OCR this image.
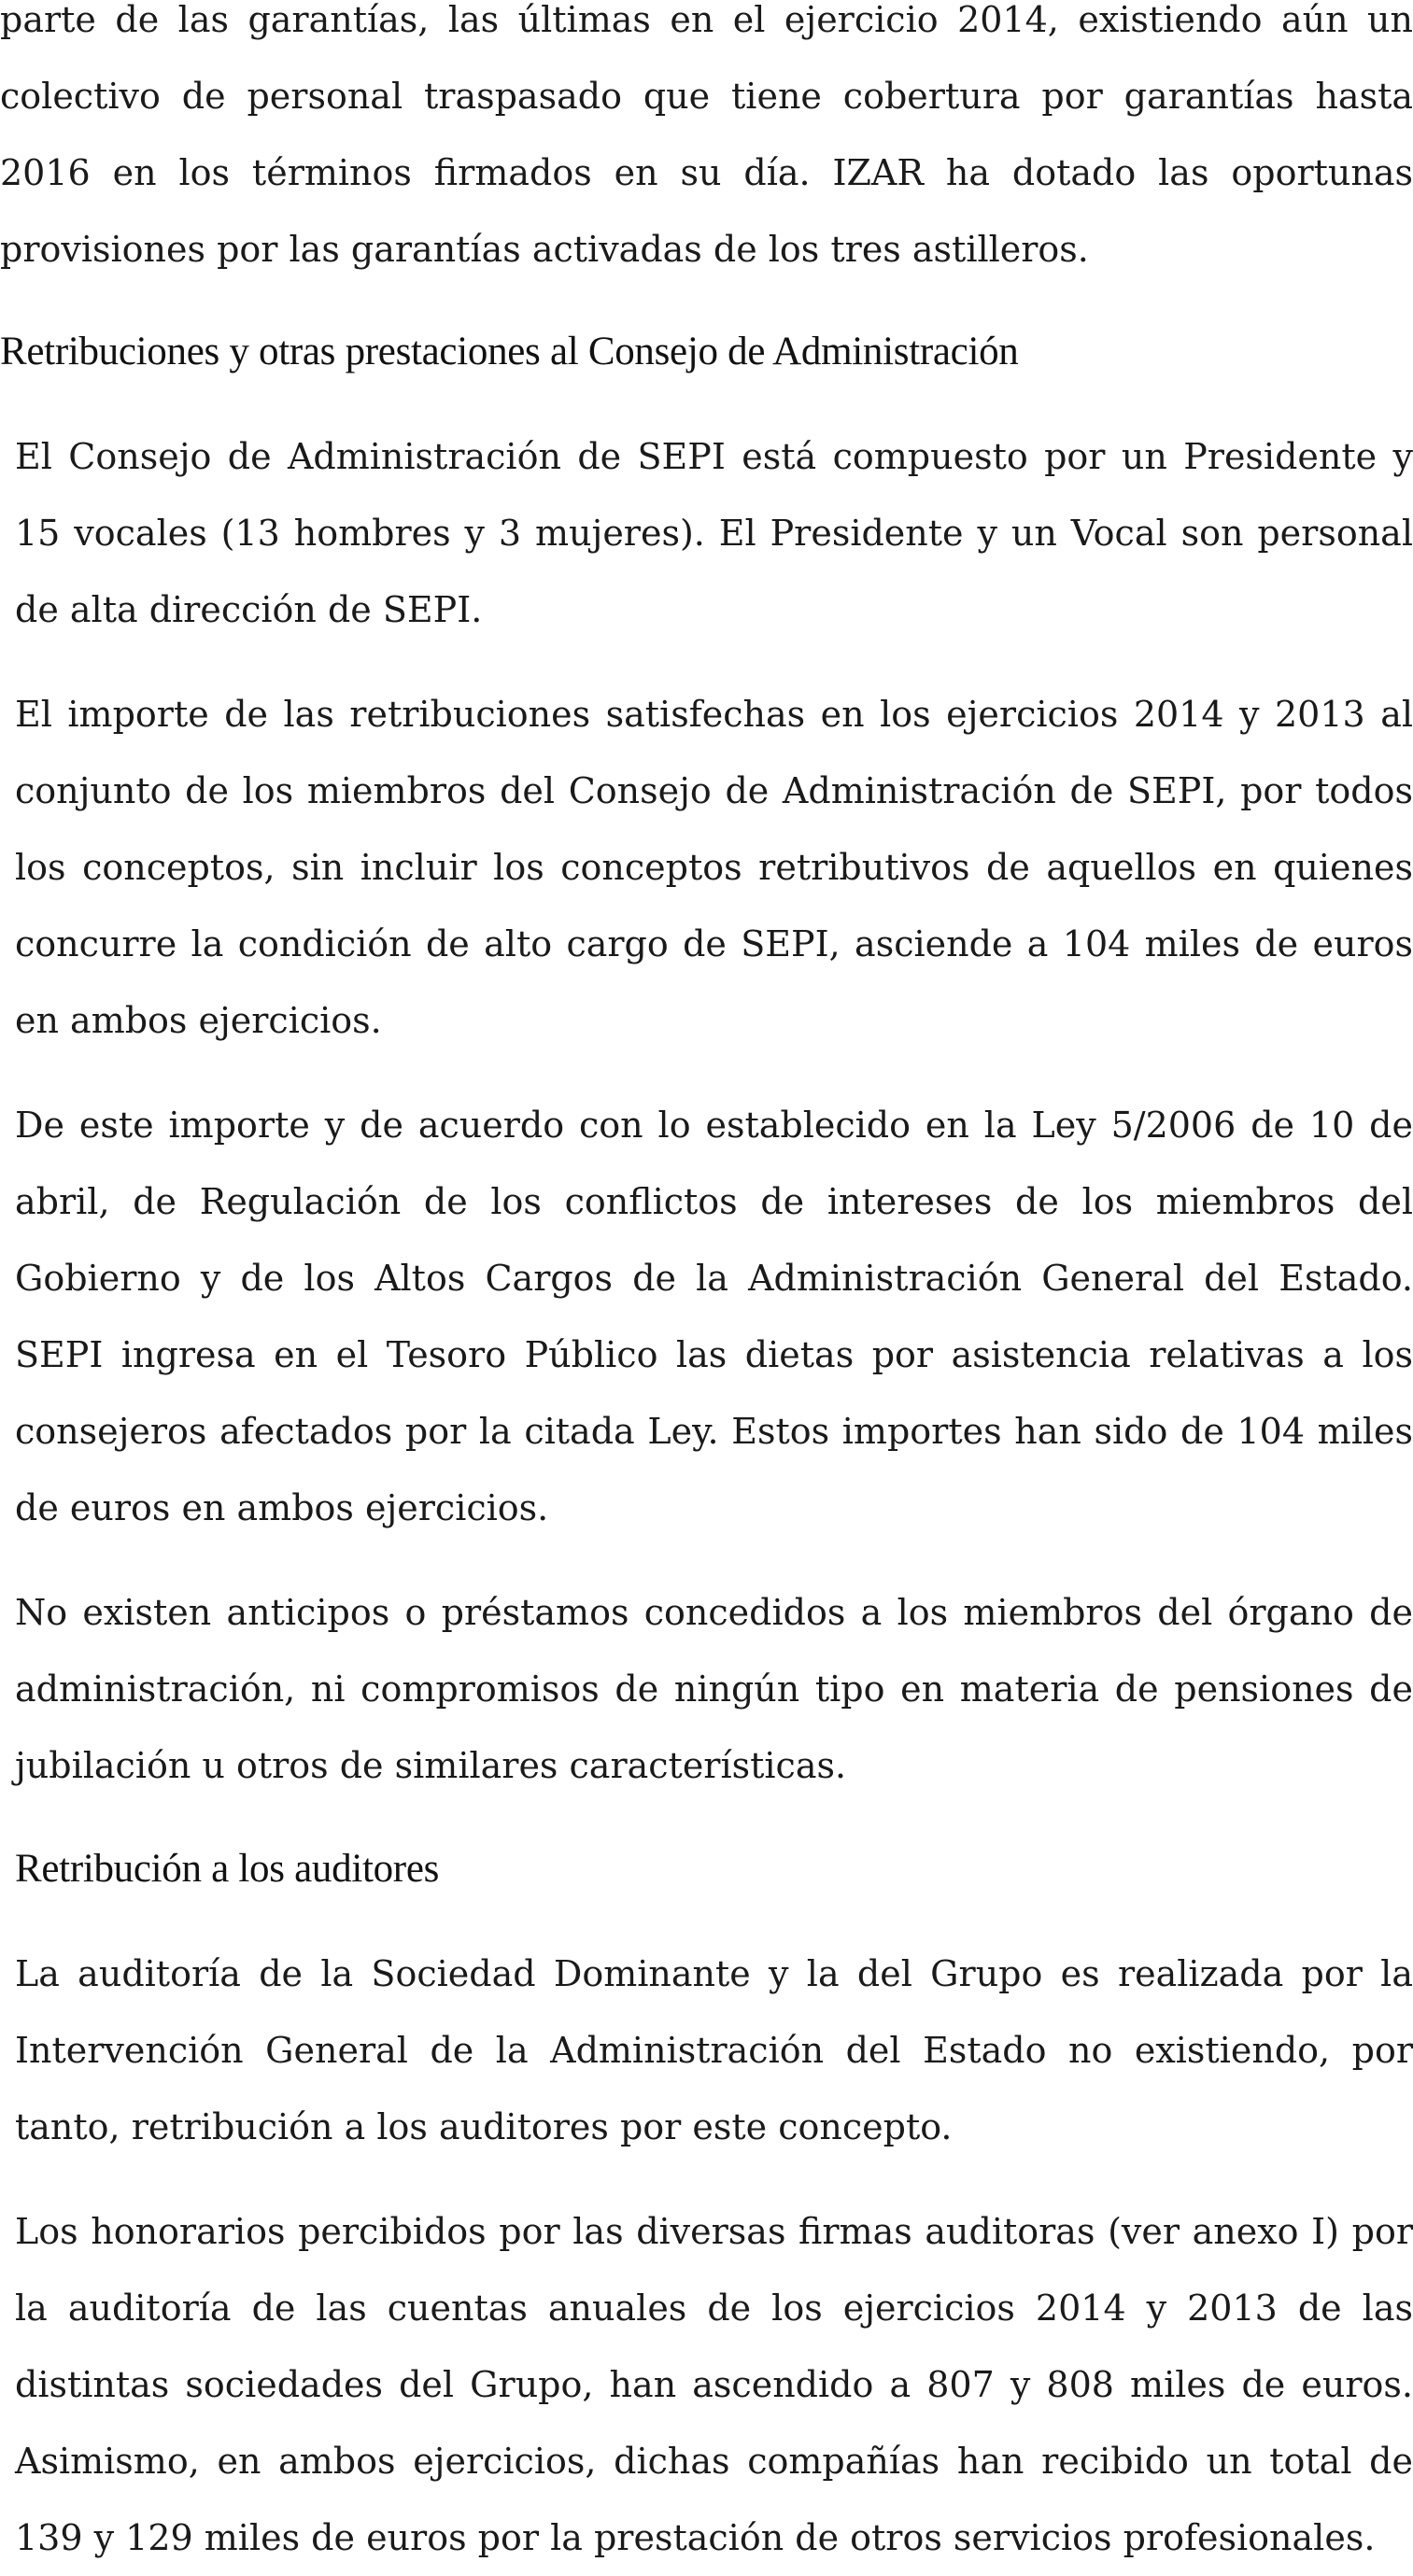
parte de las garantías, las últimas en el ejercicio 2014, existiendo aún un colectivo de personal traspasado que tiene cobertura por garantías hasta 2016 en los términos firmados en su día. IZAR ha dotado las oportunas provisiones por las garantías activadas de los tres astilleros.

Retribuciones y otras prestaciones al Consejo de Administración

El Consejo de Administración de SEPI está compuesto por un Presidente y 15 vocales (13 hombres y 3 mujeres). El Presidente y un Vocal son personal de alta dirección de SEPI.

El importe de las retribuciones satisfechas en los ejercicios 2014 y 2013 al conjunto de los miembros del Consejo de Administración de SEPI, por todos los conceptos, sin incluir los conceptos retributivos de aquellos en quienes concurre la condición de alto cargo de SEPI, asciende a 104 miles de euros en ambos ejercicios.

De este importe y de acuerdo con lo establecido en la Ley 5/2006 de 10 de abril, de Regulación de los conflictos de intereses de los miembros del Gobierno y de los Altos Cargos de la Administración General del Estado. SEPI ingresa en el Tesoro Público las dietas por asistencia relativas a los consejeros afectados por la citada Ley. Estos importes han sido de 104 miles de euros en ambos ejercicios.

No existen anticipos o préstamos concedidos a los miembros del órgano de administración, ni compromisos de ningún tipo en materia de pensiones de jubilación u otros de similares características.

Retribución a los auditores

La auditoría de la Sociedad Dominante y la del Grupo es realizada por la Intervención General de la Administración del Estado no existiendo, por tanto, retribución a los auditores por este concepto.

Los honorarios percibidos por las diversas firmas auditoras (ver anexo I) por la auditoría de las cuentas anuales de los ejercicios 2014 y 2013 de las distintas sociedades del Grupo, han ascendido a 807 y 808 miles de euros. Asimismo, en ambos ejercicios, dichas compañías han recibido un total de 139 y 129 miles de euros por la prestación de otros servicios profesionales.
